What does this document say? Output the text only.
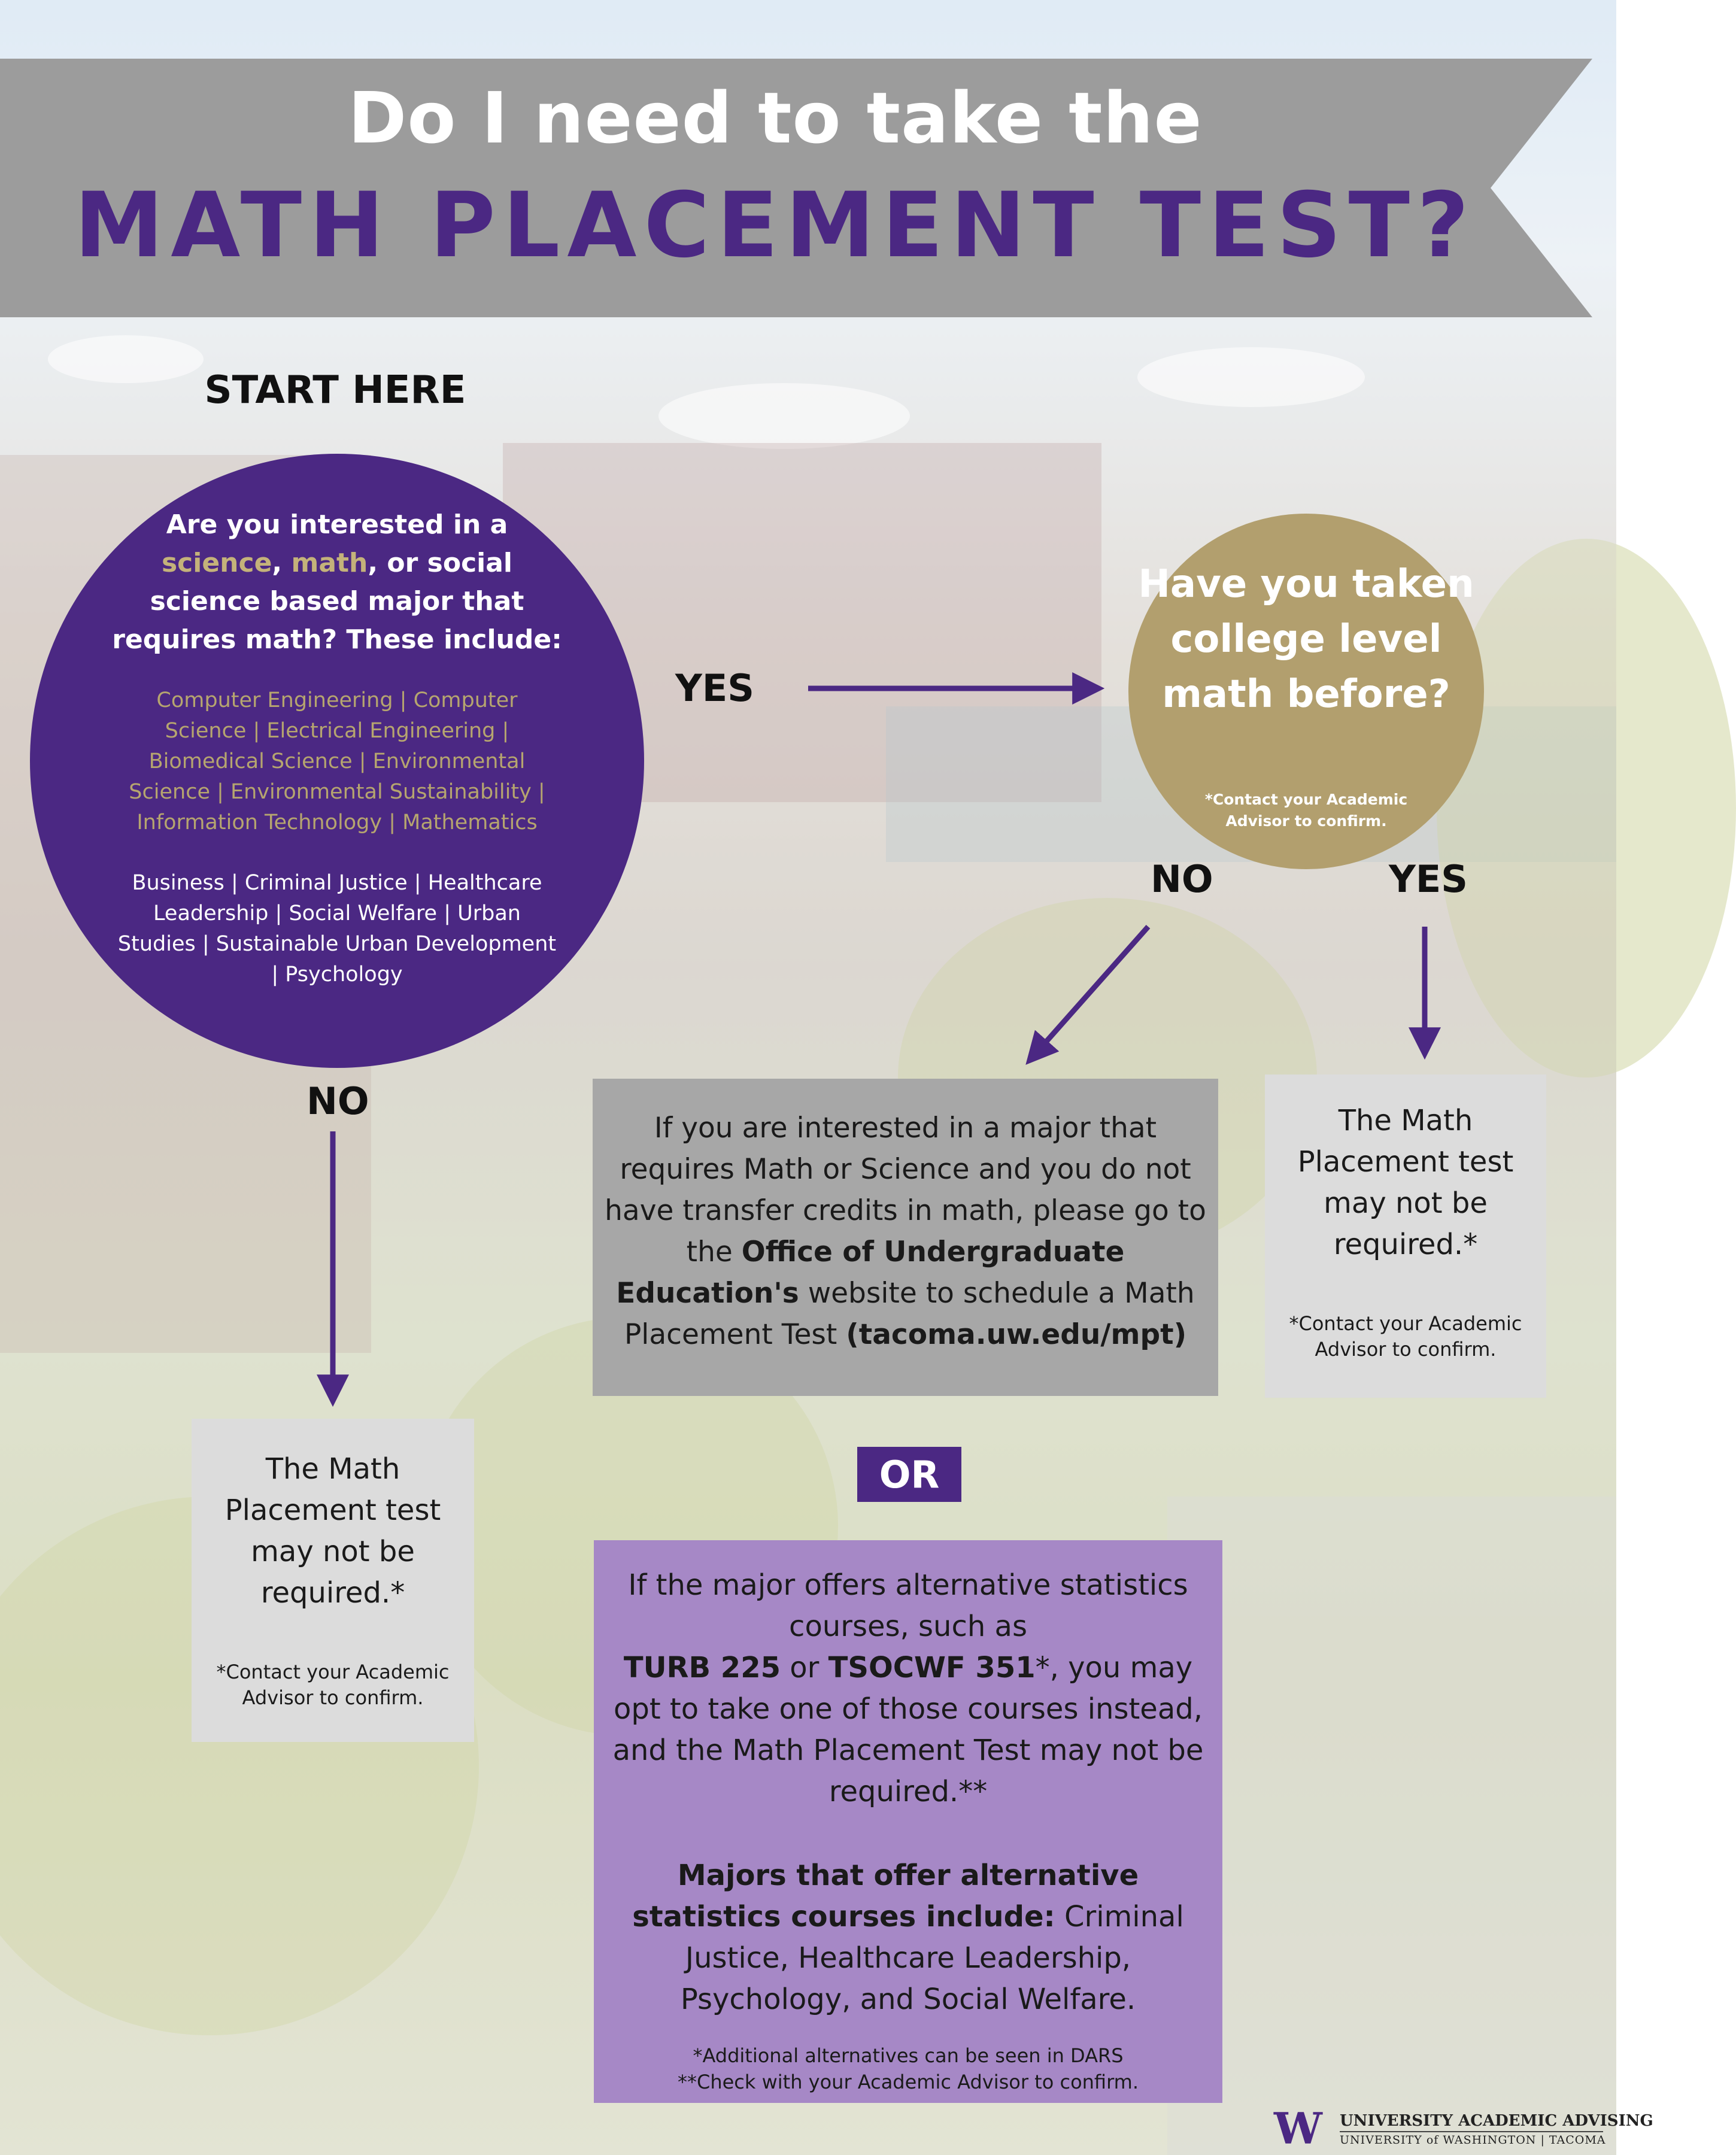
Do I need to take the
MATH PLACEMENT TEST?
START HERE
Are you interested in a
science, math, or social science based major that requires math? These include:
Computer Engineering | Computer Science | Electrical Engineering | Biomedical Science | Environmental Science | Environmental Sustainability | Information Technology | Mathematics
Business | Criminal Justice | Healthcare Leadership | Social Welfare | Urban Studies | Sustainable Urban Development | Psychology
YES
NO
NO	YES
Have you taken college level math before?
*Contact your Academic Advisor to confirm.
If you are interested in a major that requires Math or Science and you do not have transfer credits in math, please go to the Office of Undergraduate Education's website to schedule a Math Placement Test (tacoma.uw.edu/mpt)
The Math Placement test may not be required.*
*Contact your Academic Advisor to confirm.
The Math Placement test may not be required.*
*Contact your Academic Advisor to confirm.
OR
If the major offers alternative statistics courses, such as
TURB 225 or TSOCWF 351*, you may opt to take one of those courses instead, and the Math Placement Test may not be required.**
Majors that offer alternative statistics courses include: Criminal Justice, Healthcare Leadership, Psychology, and Social Welfare.
*Additional alternatives can be seen in DARS
**Check with your Academic Advisor to confirm.
W UNIVERSITY ACADEMIC ADVISING
UNIVERSITY of WASHINGTON | TACOMA
